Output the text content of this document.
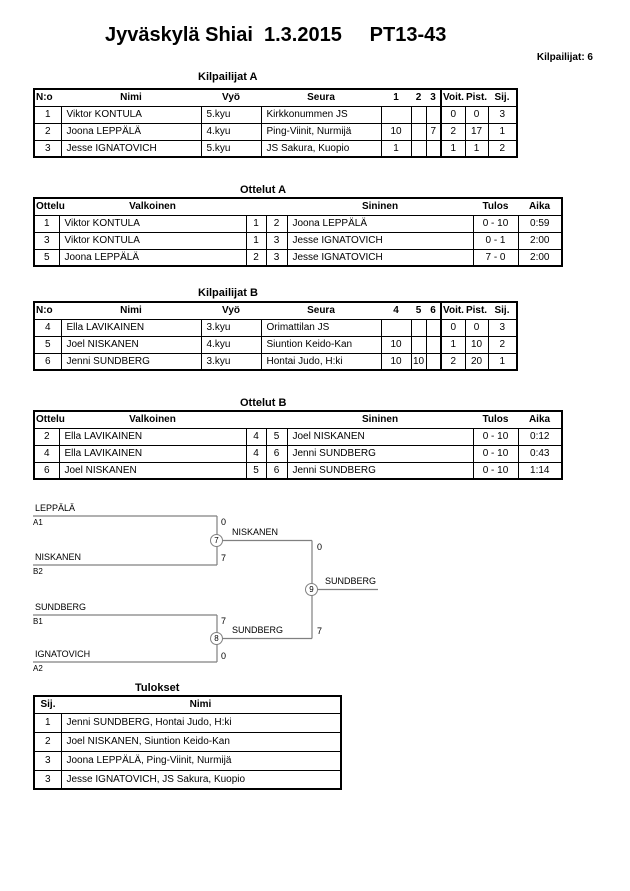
Jyväskylä Shiai  1.3.2015     PT13-43
Kilpailijat: 6
Kilpailijat A
N:o	Nimi	Vyö	Seura	1	2	3	Voit.	Pist.	Sij.
1	Viktor KONTULA	5.kyu	Kirkkonummen JS				0	0	3
2	Joona LEPPÄLÄ	4.kyu	Ping-Viinit, Nurmijä	10		7	2	17	1
3	Jesse IGNATOVICH	5.kyu	JS Sakura, Kuopio	1			1	1	2
Ottelut A
Ottelu	Valkoinen			Sininen	Tulos	Aika
1	Viktor KONTULA	1	2	Joona LEPPÄLÄ	0 - 10	0:59
3	Viktor KONTULA	1	3	Jesse IGNATOVICH	0 - 1	2:00
5	Joona LEPPÄLÄ	2	3	Jesse IGNATOVICH	7 - 0	2:00
Kilpailijat B
N:o	Nimi	Vyö	Seura	4	5	6	Voit.	Pist.	Sij.
4	Ella LAVIKAINEN	3.kyu	Orimattilan JS				0	0	3
5	Joel NISKANEN	4.kyu	Siuntion Keido-Kan	10			1	10	2
6	Jenni SUNDBERG	3.kyu	Hontai Judo, H:ki	10	10		2	20	1
Ottelut B
Ottelu	Valkoinen			Sininen	Tulos	Aika
2	Ella LAVIKAINEN	4	5	Joel NISKANEN	0 - 10	0:12
4	Ella LAVIKAINEN	4	6	Jenni SUNDBERG	0 - 10	0:43
6	Joel NISKANEN	5	6	Jenni SUNDBERG	0 - 10	1:14
LEPPÄLÄ
A1	0
NISKANEN
B2
7
SUNDBERG
B1	7
IGNATOVICH
A2
0
7
NISKANEN
0
8
SUNDBERG	7
9
SUNDBERG
Tulokset
Sij.	Nimi
1	Jenni SUNDBERG, Hontai Judo, H:ki
2	Joel NISKANEN, Siuntion Keido-Kan
3	Joona LEPPÄLÄ, Ping-Viinit, Nurmijä
3	Jesse IGNATOVICH, JS Sakura, Kuopio
